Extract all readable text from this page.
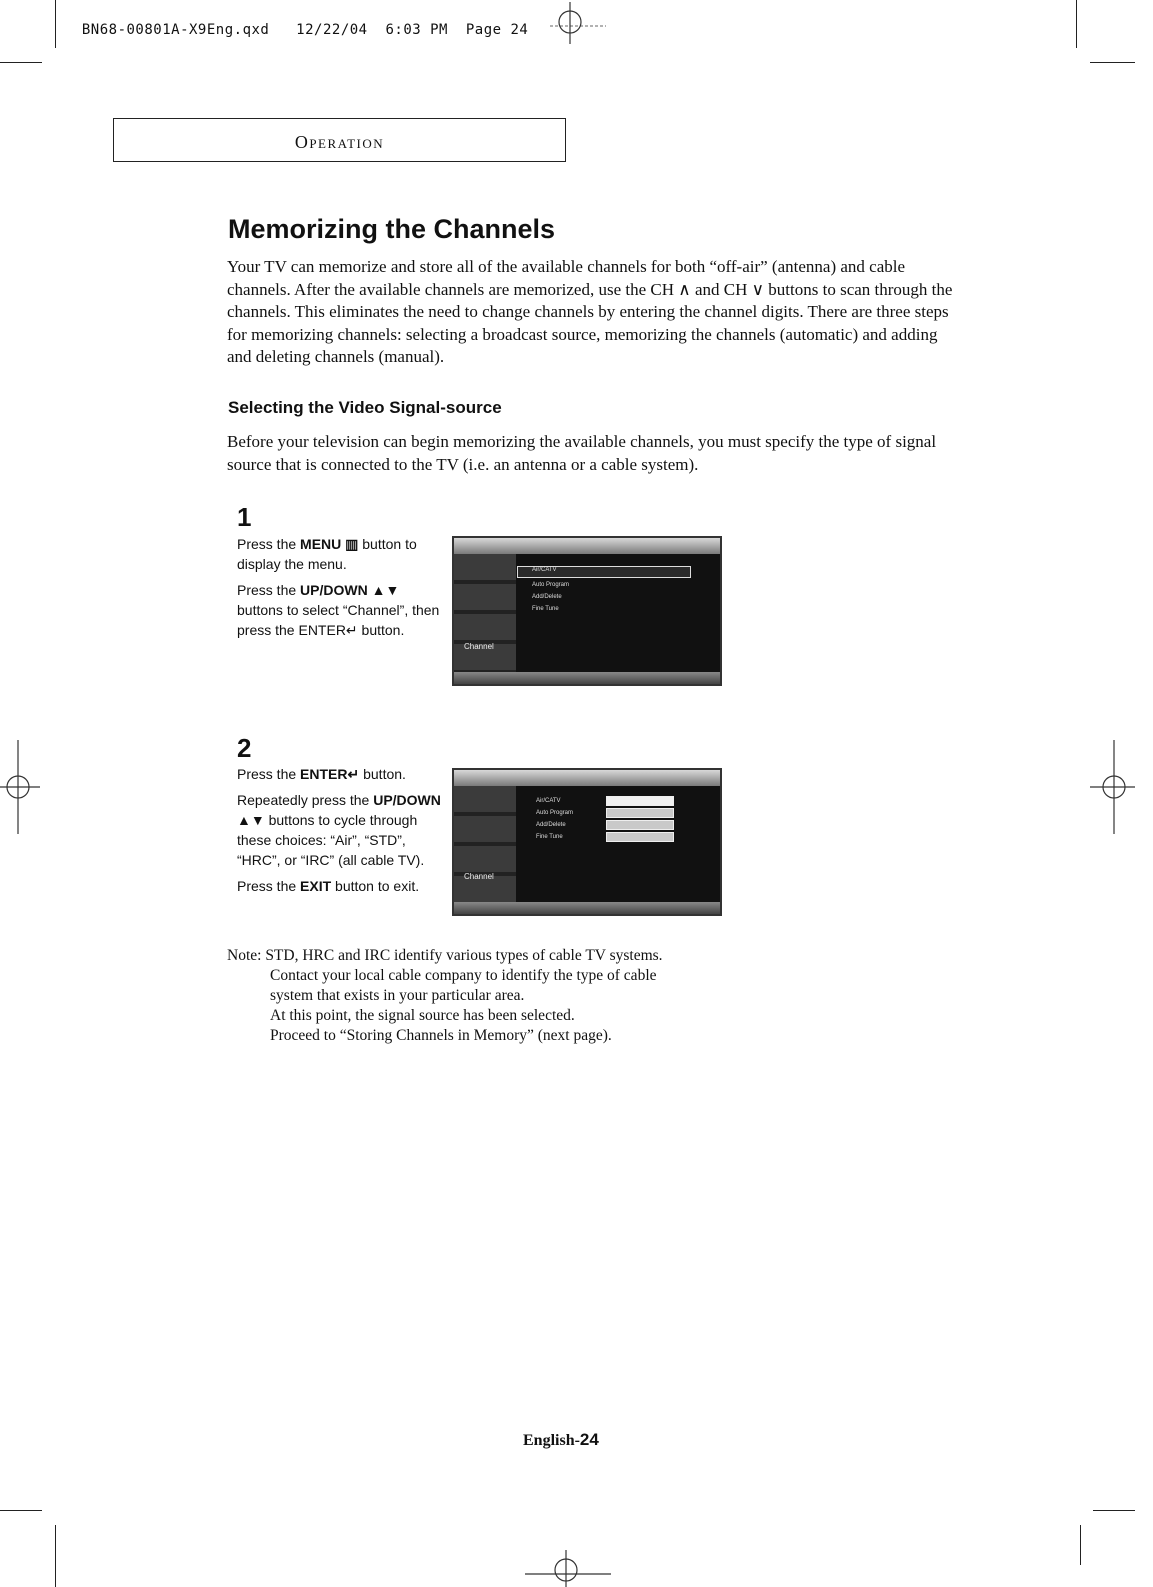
BN68-00801A-X9Eng.qxd 12/22/04 6:03 PM Page 24

Operation
Memorizing the Channels
Your TV can memorize and store all of the available channels for both “off-air” (antenna) and cable channels. After the available channels are memorized, use the CH ∧ and CH ∨ buttons to scan through the channels. This eliminates the need to change channels by entering the channel digits. There are three steps for memorizing channels: selecting a broadcast source, memorizing the channels (automatic) and adding and deleting channels (manual).
Selecting the Video Signal-source
Before your television can begin memorizing the available channels, you must specify the type of signal source that is connected to the TV (i.e. an antenna or a cable system).
1

Press the MENU ▥ button to display the menu.

Press the UP/DOWN ▲▼ buttons to select “Channel”, then press the ENTER↵ button.

Channel
Air/CATV
Auto Program
Add/Delete
Fine Tune
2

Press the ENTER↵ button.

Repeatedly press the UP/DOWN ▲▼ buttons to cycle through these choices: “Air”, “STD”, “HRC”, or “IRC” (all cable TV).

Press the EXIT button to exit.

Channel
Air/CATV
Auto Program
Add/Delete
Fine Tune
Note: STD, HRC and IRC identify various types of cable TV systems.
Contact your local cable company to identify the type of cable
system that exists in your particular area.
At this point, the signal source has been selected.
Proceed to “Storing Channels in Memory” (next page).
English-24
